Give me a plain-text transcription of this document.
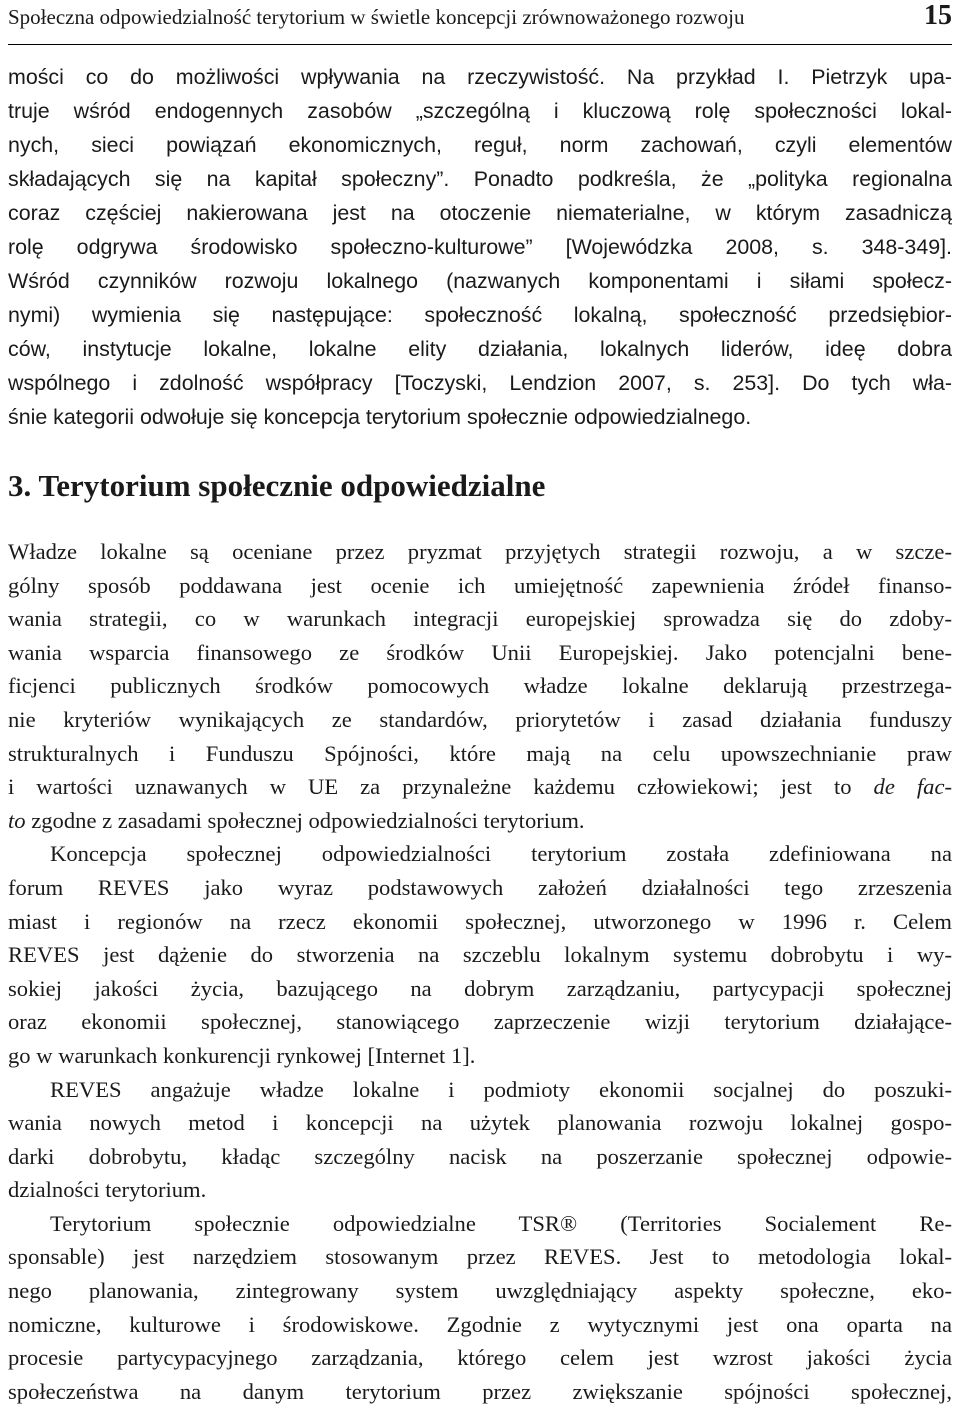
Społeczna odpowiedzialność terytorium w świetle koncepcji zrównoważonego rozwoju	15

mości co do możliwości wpływania na rzeczywistość. Na przykład I. Pietrzyk upa-

truje wśród endogennych zasobów „szczególną i kluczową rolę społeczności lokal-

nych, sieci powiązań ekonomicznych, reguł, norm zachowań, czyli elementów

składających się na kapitał społeczny”. Ponadto podkreśla, że „polityka regionalna

coraz częściej nakierowana jest na otoczenie niematerialne, w którym zasadniczą

rolę odgrywa środowisko społeczno-kulturowe” [Wojewódzka 2008, s. 348-349].

Wśród czynników rozwoju lokalnego (nazwanych komponentami i siłami społecz-

nymi) wymienia się następujące: społeczność lokalną, społeczność przedsiębior-

ców, instytucje lokalne, lokalne elity działania, lokalnych liderów, ideę dobra

wspólnego i zdolność współpracy [Toczyski, Lendzion 2007, s. 253]. Do tych wła-

śnie kategorii odwołuje się koncepcja terytorium społecznie odpowiedzialnego.

3. Terytorium społecznie odpowiedzialne

Władze lokalne są oceniane przez pryzmat przyjętych strategii rozwoju, a w szcze-

gólny sposób poddawana jest ocenie ich umiejętność zapewnienia źródeł finanso-

wania strategii, co w warunkach integracji europejskiej sprowadza się do zdoby-

wania wsparcia finansowego ze środków Unii Europejskiej. Jako potencjalni bene-

ficjenci publicznych środków pomocowych władze lokalne deklarują przestrzega-

nie kryteriów wynikających ze standardów, priorytetów i zasad działania funduszy

strukturalnych i Funduszu Spójności, które mają na celu upowszechnianie praw

i wartości uznawanych w UE za przynależne każdemu człowiekowi; jest to de fac-

to zgodne z zasadami społecznej odpowiedzialności terytorium.

Koncepcja społecznej odpowiedzialności terytorium została zdefiniowana na

forum REVES jako wyraz podstawowych założeń działalności tego zrzeszenia

miast i regionów na rzecz ekonomii społecznej, utworzonego w 1996 r. Celem

REVES jest dążenie do stworzenia na szczeblu lokalnym systemu dobrobytu i wy-

sokiej jakości życia, bazującego na dobrym zarządzaniu, partycypacji społecznej

oraz ekonomii społecznej, stanowiącego zaprzeczenie wizji terytorium działające-

go w warunkach konkurencji rynkowej [Internet 1].

REVES angażuje władze lokalne i podmioty ekonomii socjalnej do poszuki-

wania nowych metod i koncepcji na użytek planowania rozwoju lokalnej gospo-

darki dobrobytu, kładąc szczególny nacisk na poszerzanie społecznej odpowie-

dzialności terytorium.

Terytorium społecznie odpowiedzialne TSR® (Territories Socialement Re-

sponsable) jest narzędziem stosowanym przez REVES. Jest to metodologia lokal-

nego planowania, zintegrowany system uwzględniający aspekty społeczne, eko-

nomiczne, kulturowe i środowiskowe. Zgodnie z wytycznymi jest ona oparta na

procesie partycypacyjnego zarządzania, którego celem jest wzrost jakości życia

społeczeństwa na danym terytorium przez zwiększanie spójności społecznej,
